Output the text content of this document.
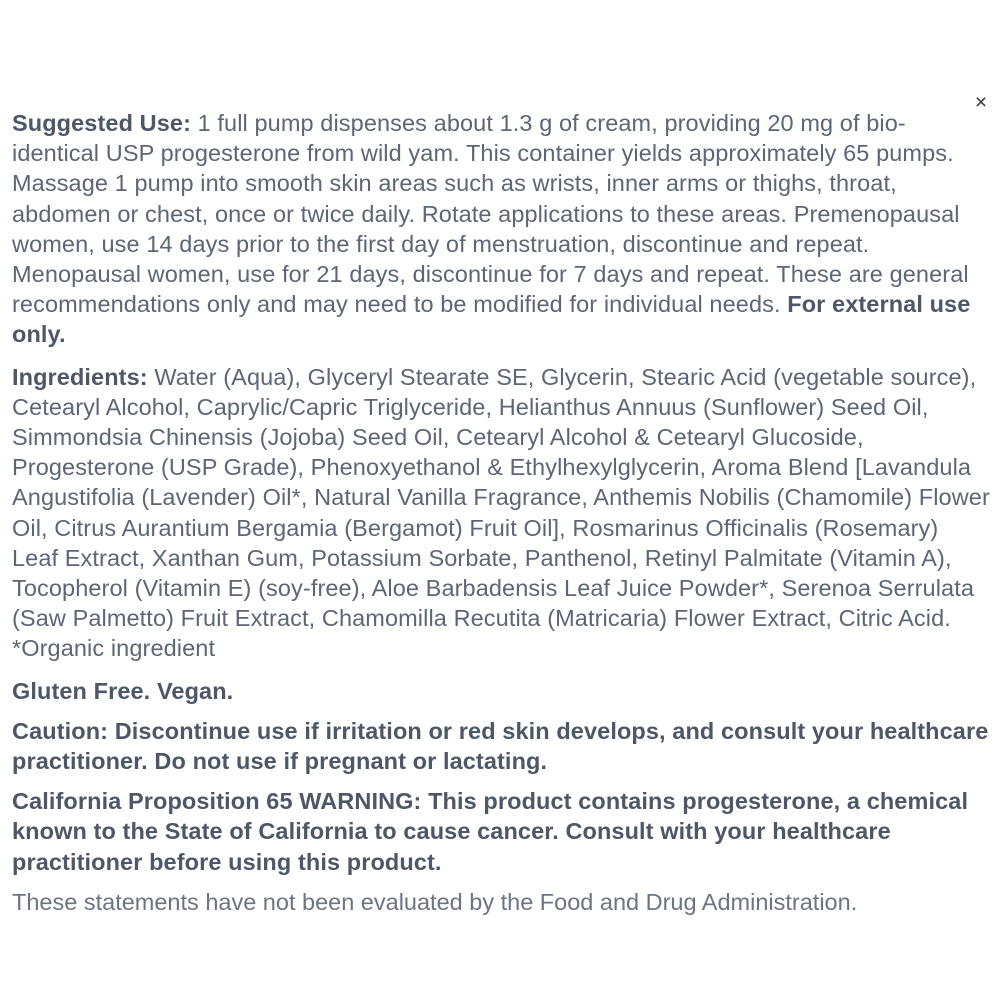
×

Suggested Use: 1 full pump dispenses about 1.3 g of cream, providing 20 mg of bio-identical USP progesterone from wild yam. This container yields approximately 65 pumps. Massage 1 pump into smooth skin areas such as wrists, inner arms or thighs, throat, abdomen or chest, once or twice daily. Rotate applications to these areas. Premenopausal women, use 14 days prior to the first day of menstruation, discontinue and repeat. Menopausal women, use for 21 days, discontinue for 7 days and repeat. These are general recommendations only and may need to be modified for individual needs. For external use only.

Ingredients: Water (Aqua), Glyceryl Stearate SE, Glycerin, Stearic Acid (vegetable source), Cetearyl Alcohol, Caprylic/Capric Triglyceride, Helianthus Annuus (Sunflower) Seed Oil, Simmondsia Chinensis (Jojoba) Seed Oil, Cetearyl Alcohol & Cetearyl Glucoside, Progesterone (USP Grade), Phenoxyethanol & Ethylhexylglycerin, Aroma Blend [Lavandula Angustifolia (Lavender) Oil*, Natural Vanilla Fragrance, Anthemis Nobilis (Chamomile) Flower Oil, Citrus Aurantium Bergamia (Bergamot) Fruit Oil], Rosmarinus Officinalis (Rosemary) Leaf Extract, Xanthan Gum, Potassium Sorbate, Panthenol, Retinyl Palmitate (Vitamin A), Tocopherol (Vitamin E) (soy-free), Aloe Barbadensis Leaf Juice Powder*, Serenoa Serrulata (Saw Palmetto) Fruit Extract, Chamomilla Recutita (Matricaria) Flower Extract, Citric Acid. *Organic ingredient

Gluten Free. Vegan.

Caution: Discontinue use if irritation or red skin develops, and consult your healthcare practitioner. Do not use if pregnant or lactating.

California Proposition 65 WARNING: This product contains progesterone, a chemical known to the State of California to cause cancer. Consult with your healthcare practitioner before using this product.

These statements have not been evaluated by the Food and Drug Administration.
